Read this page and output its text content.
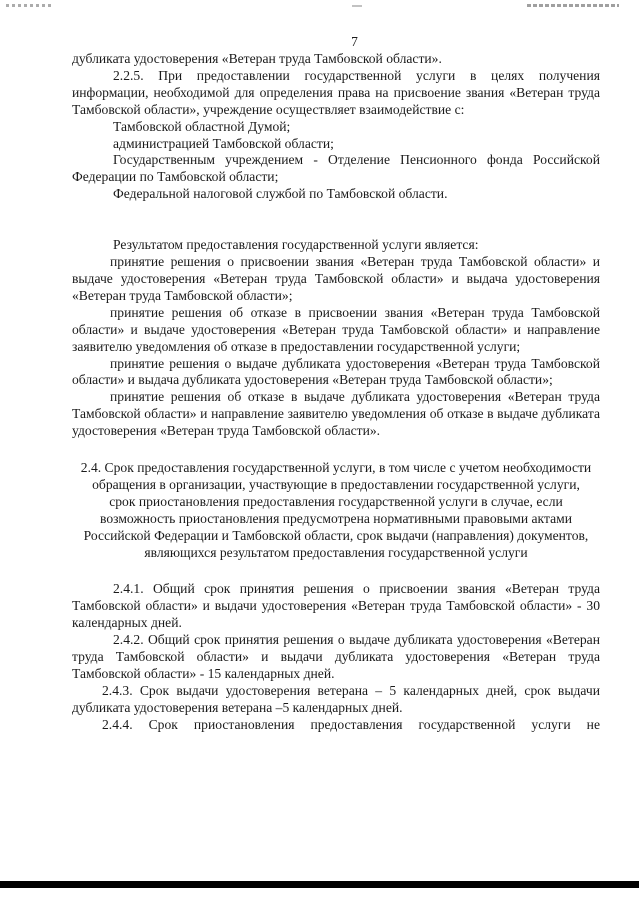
7

дубликата удостоверения «Ветеран труда Тамбовской области».

2.2.5. При предоставлении государственной услуги в целях получения информации, необходимой для определения права на присвоение звания «Ветеран труда Тамбовской области», учреждение осуществляет взаимодействие с:

Тамбовской областной Думой;

администрацией Тамбовской области;

Государственным учреждением - Отделение Пенсионного фонда Российской Федерации по Тамбовской области;

Федеральной налоговой службой по Тамбовской области.

Результатом предоставления государственной услуги является:

принятие решения о присвоении звания «Ветеран труда Тамбовской области» и выдаче удостоверения «Ветеран труда Тамбовской области» и выдача удостоверения «Ветеран труда Тамбовской области»;

принятие решения об отказе в присвоении звания «Ветеран труда Тамбовской области» и выдаче удостоверения «Ветеран труда Тамбовской области» и направление заявителю уведомления об отказе в предоставлении государственной услуги;

принятие решения о выдаче дубликата удостоверения «Ветеран труда Тамбовской области» и выдача дубликата удостоверения «Ветеран труда Тамбовской области»;

принятие решения об отказе в выдаче дубликата удостоверения «Ветеран труда Тамбовской области» и направление заявителю уведомления об отказе в выдаче дубликата удостоверения «Ветеран труда Тамбовской области».

2.4. Срок предоставления государственной услуги, в том числе с учетом необходимости обращения в организации, участвующие в предоставлении государственной услуги, срок приостановления предоставления государственной услуги в случае, если возможность приостановления предусмотрена нормативными правовыми актами Российской Федерации и Тамбовской области, срок выдачи (направления) документов, являющихся результатом предоставления государственной услуги

2.4.1. Общий срок принятия решения о присвоении звания «Ветеран труда Тамбовской области» и выдачи удостоверения «Ветеран труда Тамбовской области» - 30 календарных дней.

2.4.2. Общий срок принятия решения о выдаче дубликата удостоверения «Ветеран труда Тамбовской области» и выдачи дубликата удостоверения «Ветеран труда Тамбовской области» - 15 календарных дней.

2.4.3. Срок выдачи удостоверения ветерана – 5 календарных дней, срок выдачи дубликата удостоверения ветерана –5 календарных дней.

2.4.4. Срок приостановления предоставления государственной услуги не
